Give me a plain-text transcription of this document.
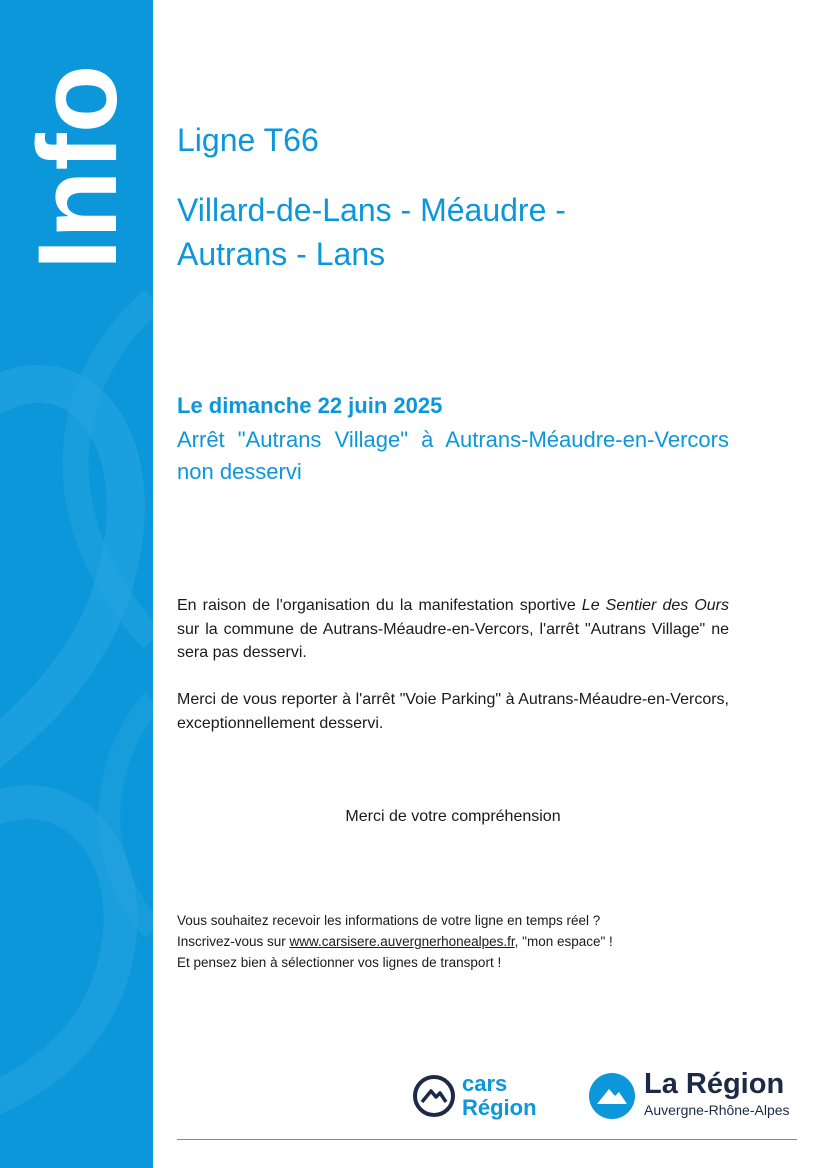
Info Ligne T66
Villard-de-Lans - Méaudre -
Autrans - Lans
Le dimanche 22 juin 2025
Arrêt "Autrans Village" à Autrans-Méaudre-en-Vercors non desservi
En raison de l'organisation du la manifestation sportive Le Sentier des Ours sur la commune de Autrans-Méaudre-en-Vercors, l'arrêt "Autrans Village" ne sera pas desservi.
Merci de vous reporter à l'arrêt "Voie Parking" à Autrans-Méaudre-en-Vercors, exceptionnellement desservi.
Merci de votre compréhension
Vous souhaitez recevoir les informations de votre ligne en temps réel ?
Inscrivez-vous sur www.carsisere.auvergnerhonealpes.fr, "mon espace" !
Et pensez bien à sélectionner vos lignes de transport !
cars
Région
La Région
Auvergne-Rhône-Alpes
